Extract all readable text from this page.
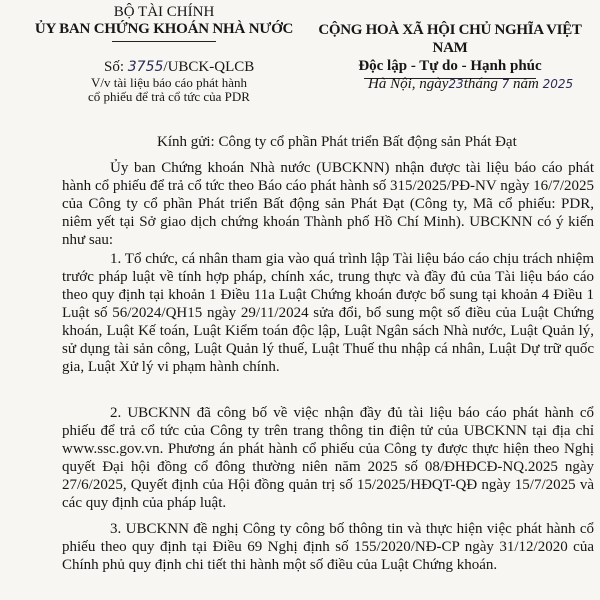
BỘ TÀI CHÍNH
ỦY BAN CHỨNG KHOÁN NHÀ NƯỚC	CỘNG HOÀ XÃ HỘI CHỦ NGHĨA VIỆT NAM
Độc lập - Tự do - Hạnh phúc
Số: 3755/UBCK-QLCB
V/v tài liệu báo cáo phát hành
cổ phiếu để trả cổ tức của PDR
Hà Nội, ngày23tháng 7 năm 2025
Kính gửi: Công ty cổ phần Phát triển Bất động sản Phát Đạt

Ủy ban Chứng khoán Nhà nước (UBCKNN) nhận được tài liệu báo cáo phát hành cổ phiếu để trả cổ tức theo Báo cáo phát hành số 315/2025/PĐ-NV ngày 16/7/2025 của Công ty cổ phần Phát triển Bất động sản Phát Đạt (Công ty, Mã cổ phiếu: PDR, niêm yết tại Sở giao dịch chứng khoán Thành phố Hồ Chí Minh). UBCKNN có ý kiến như sau:

1. Tổ chức, cá nhân tham gia vào quá trình lập Tài liệu báo cáo chịu trách nhiệm trước pháp luật về tính hợp pháp, chính xác, trung thực và đầy đủ của Tài liệu báo cáo theo quy định tại khoản 1 Điều 11a Luật Chứng khoán được bổ sung tại khoản 4 Điều 1 Luật số 56/2024/QH15 ngày 29/11/2024 sửa đổi, bổ sung một số điều của Luật Chứng khoán, Luật Kế toán, Luật Kiểm toán độc lập, Luật Ngân sách Nhà nước, Luật Quản lý, sử dụng tài sản công, Luật Quản lý thuế, Luật Thuế thu nhập cá nhân, Luật Dự trữ quốc gia, Luật Xử lý vi phạm hành chính.

2. UBCKNN đã công bố về việc nhận đầy đủ tài liệu báo cáo phát hành cổ phiếu để trả cổ tức của Công ty trên trang thông tin điện tử của UBCKNN tại địa chỉ www.ssc.gov.vn. Phương án phát hành cổ phiếu của Công ty được thực hiện theo Nghị quyết Đại hội đồng cổ đông thường niên năm 2025 số 08/ĐHĐCĐ-NQ.2025 ngày 27/6/2025, Quyết định của Hội đồng quản trị số 15/2025/HĐQT-QĐ ngày 15/7/2025 và các quy định của pháp luật.

3. UBCKNN đề nghị Công ty công bố thông tin và thực hiện việc phát hành cổ phiếu theo quy định tại Điều 69 Nghị định số 155/2020/NĐ-CP ngày 31/12/2020 của Chính phủ quy định chi tiết thi hành một số điều của Luật Chứng khoán.
